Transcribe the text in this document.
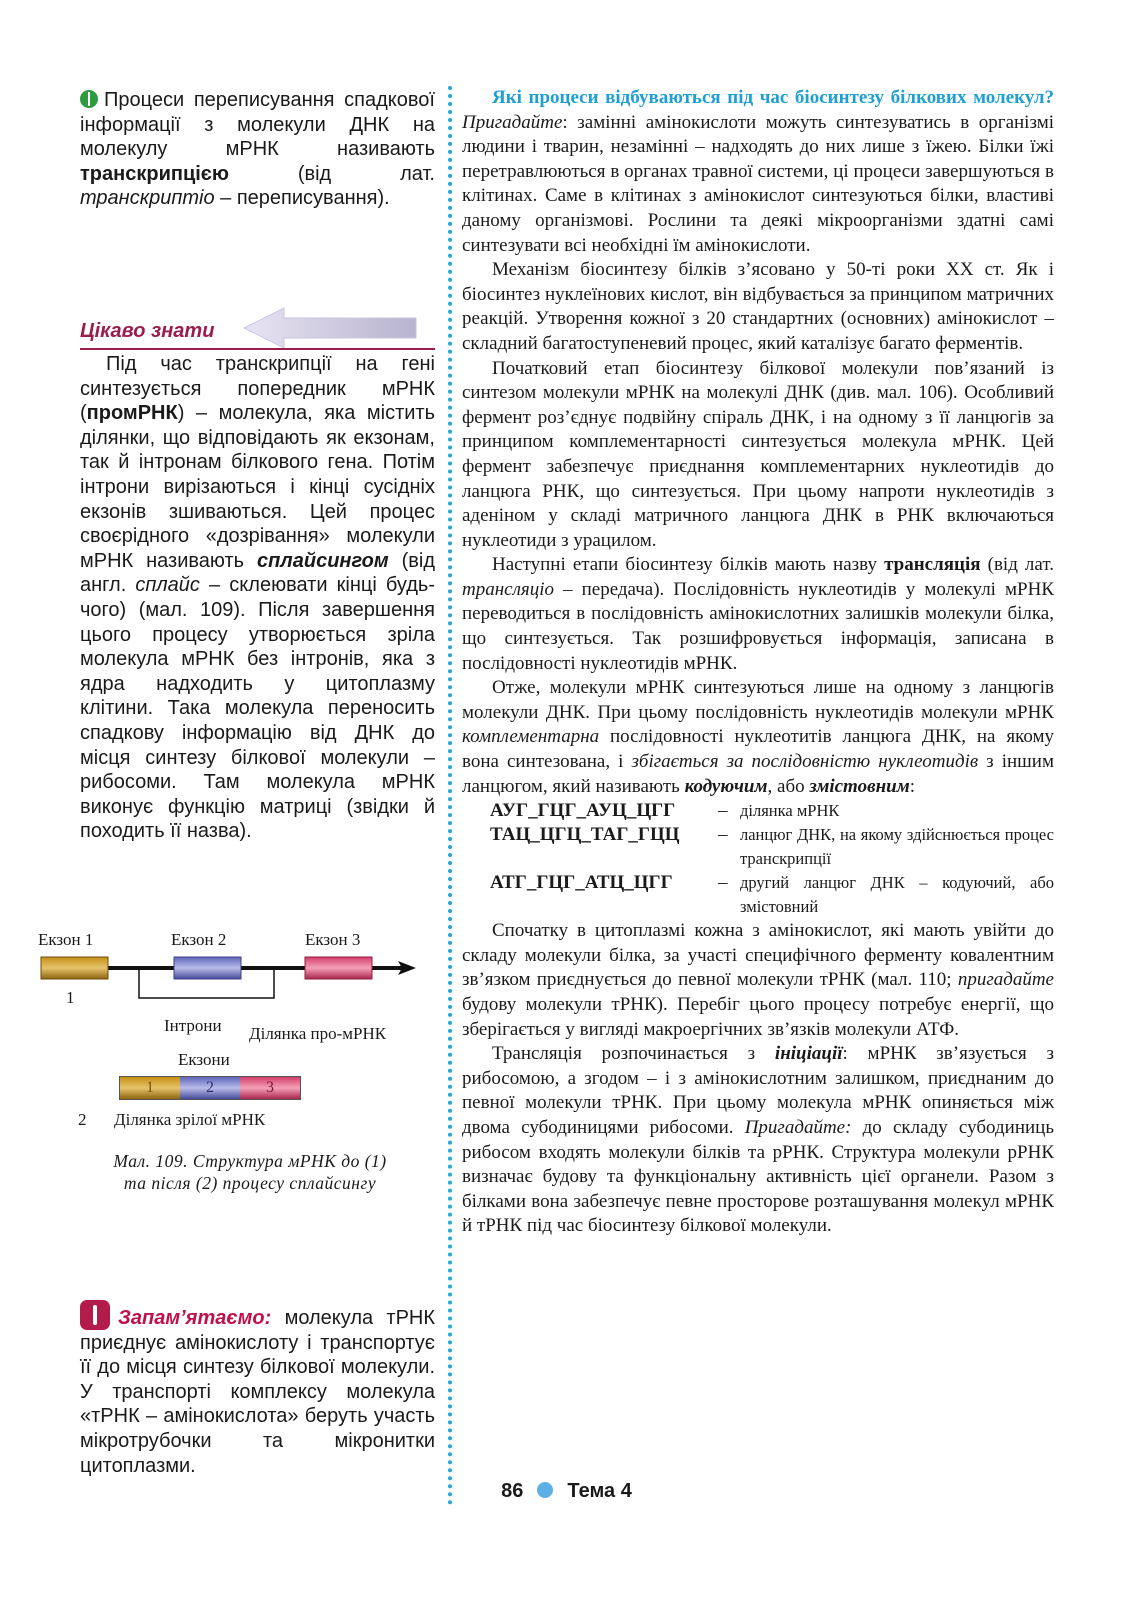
Процеси переписування спадкової інформації з молекули ДНК на молекулу мРНК називають транскрипцією (від лат. транскриптіо – переписування).
Цікаво знати
Під час транскрипції на гені синтезується попередник мРНК (промРНК) – молекула, яка містить ділянки, що відповідають як екзонам, так й інтронам білкового гена. Потім інтрони вирізаються і кінці сусідніх екзонів зшиваються. Цей процес своєрідного «дозрівання» молекули мРНК називають сплайсингом (від англ. сплайс – склеювати кінці будь-чого) (мал. 109). Після завершення цього процесу утворюється зріла молекула мРНК без інтронів, яка з ядра надходить у цитоплазму клітини. Така молекула переносить спадкову інформацію від ДНК до місця синтезу білкової молекули – рибосоми. Там молекула мРНК виконує функцію матриці (звідки й походить її назва).
Екзон 1	Екзон 2	Екзон 3
1
Інтрони Ділянка про-мРНК
Екзони
1	2	3
2 Ділянка зрілої мРНК
Мал. 109. Структура мРНК до (1)
та після (2) процесу сплайсингу
Запам’ятаємо: молекула тРНК приєднує амінокислоту і транспортує її до місця синтезу білкової молекули. У транспорті комплексу молекула «тРНК – амінокислота» беруть участь мікротрубочки та мікронитки цитоплазми.

Які процеси відбуваються під час біосинтезу білкових молекул? Пригадайте: замінні амінокислоти можуть синтезуватись в організмі людини і тварин, незамінні – надходять до них лише з їжею. Білки їжі перетравлюються в органах травної системи, ці процеси завершуються в клітинах. Саме в клітинах з амінокислот синтезуються білки, властиві даному організмові. Рослини та деякі мікроорганізми здатні самі синтезувати всі необхідні їм амінокислоти.

Механізм біосинтезу білків з’ясовано у 50-ті роки XX ст. Як і біосинтез нуклеїнових кислот, він відбувається за принципом матричних реакцій. Утворення кожної з 20 стандартних (основних) амінокислот – складний багатоступеневий процес, який каталізує багато ферментів.

Початковий етап біосинтезу білкової молекули пов’язаний із синтезом молекули мРНК на молекулі ДНК (див. мал. 106). Особливий фермент роз’єднує подвійну спіраль ДНК, і на одному з її ланцюгів за принципом комплементарності синтезується молекула мРНК. Цей фермент забезпечує приєднання комплементарних нуклеотидів до ланцюга РНК, що синтезується. При цьому напроти нуклеотидів з аденіном у складі матричного ланцюга ДНК в РНК включаються нуклеотиди з урацилом.

Наступні етапи біосинтезу білків мають назву трансляція (від лат. трансляціо – передача). Послідовність нуклеотидів у молекулі мРНК переводиться в послідовність амінокислотних залишків молекули білка, що синтезується. Так розшифровується інформація, записана в послідовності нуклеотидів мРНК.

Отже, молекули мРНК синтезуються лише на одному з ланцюгів молекули ДНК. При цьому послідовність нуклеотидів молекули мРНК комплементарна послідовності нуклеотитів ланцюга ДНК, на якому вона синтезована, і збігається за послідовністю нуклеотидів з іншим ланцюгом, який називають кодуючим, або змістовним:

АУГ_ГЦГ_АУЦ_ЦГГ	–	ділянка мРНК
ТАЦ_ЦГЦ_ТАГ_ГЦЦ	–	ланцюг ДНК, на якому здійснюється процес транскрипції
АТГ_ГЦГ_АТЦ_ЦГГ	–	другий ланцюг ДНК – кодуючий, або змістовний

Спочатку в цитоплазмі кожна з амінокислот, які мають увійти до складу молекули білка, за участі специфічного ферменту ковалентним зв’язком приєднується до певної молекули тРНК (мал. 110; пригадайте будову молекули тРНК). Перебіг цього процесу потребує енергії, що зберігається у вигляді макроергічних зв’язків молекули АТФ.

Трансляція розпочинається з ініціації: мРНК зв’язується з рибосомою, а згодом – і з амінокислотним залишком, приєднаним до певної молекули тРНК. При цьому молекула мРНК опиняється між двома субодиницями рибосоми. Пригадайте: до складу субодиниць рибосом входять молекули білків та рРНК. Структура молекули рРНК визначає будову та функціональну активність цієї органели. Разом з білками вона забезпечує певне просторове розташування молекул мРНК й тРНК під час біосинтезу білкової молекули.

86 Тема 4
